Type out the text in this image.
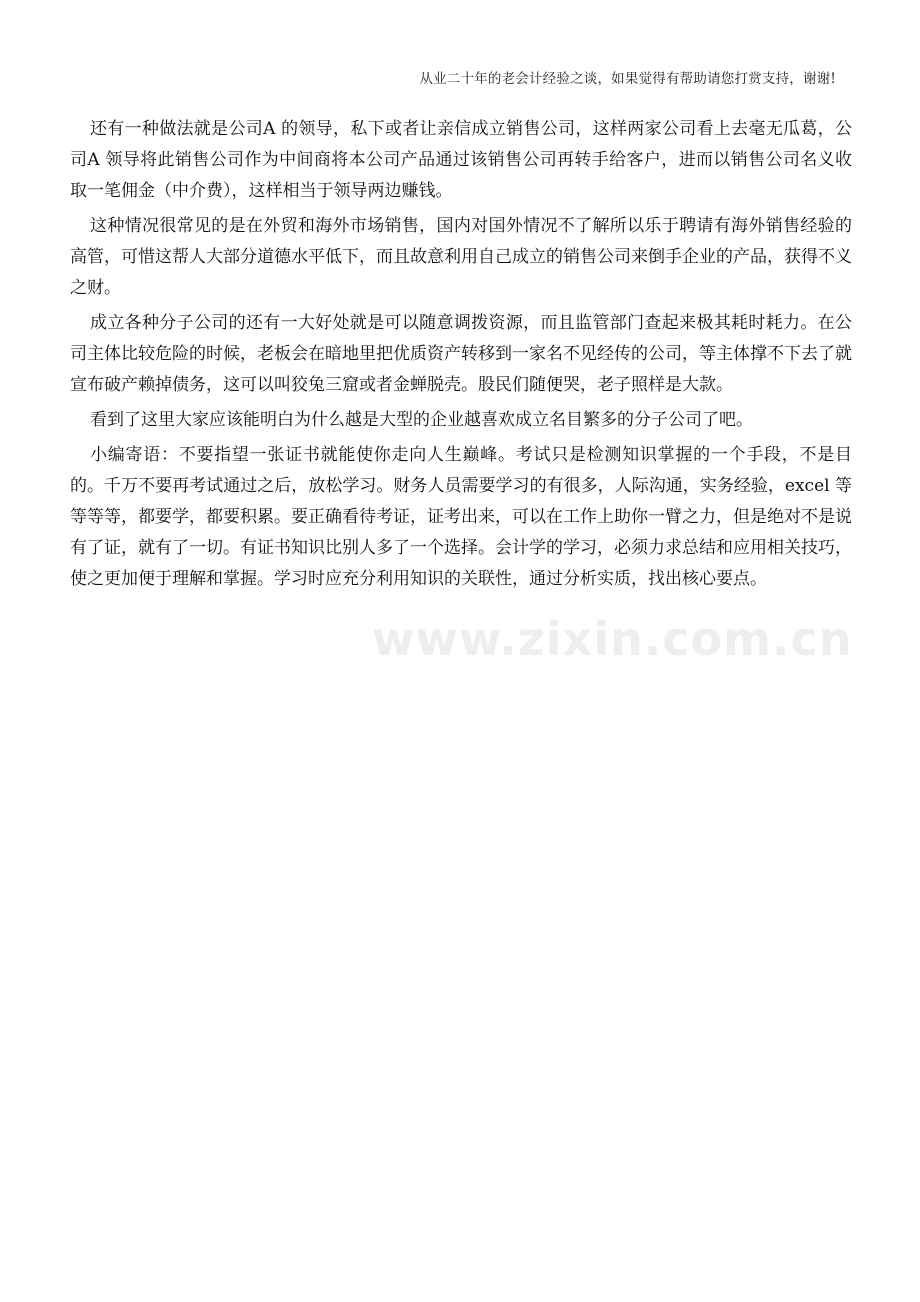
从业二十年的老会计经验之谈，如果觉得有帮助请您打赏支持，谢谢!

还有一种做法就是公司A 的领导，私下或者让亲信成立销售公司，这样两家公司看上去毫无瓜葛，公司A 领导将此销售公司作为中间商将本公司产品通过该销售公司再转手给客户，进而以销售公司名义收取一笔佣金（中介费），这样相当于领导两边赚钱。

这种情况很常见的是在外贸和海外市场销售，国内对国外情况不了解所以乐于聘请有海外销售经验的高管，可惜这帮人大部分道德水平低下，而且故意利用自己成立的销售公司来倒手企业的产品，获得不义之财。

成立各种分子公司的还有一大好处就是可以随意调拨资源，而且监管部门查起来极其耗时耗力。在公司主体比较危险的时候，老板会在暗地里把优质资产转移到一家名不见经传的公司，等主体撑不下去了就宣布破产赖掉债务，这可以叫狡兔三窟或者金蝉脱壳。股民们随便哭，老子照样是大款。

看到了这里大家应该能明白为什么越是大型的企业越喜欢成立名目繁多的分子公司了吧。

小编寄语：不要指望一张证书就能使你走向人生巅峰。考试只是检测知识掌握的一个手段，不是目的。千万不要再考试通过之后，放松学习。财务人员需要学习的有很多，人际沟通，实务经验，excel 等等等等，都要学，都要积累。要正确看待考证，证考出来，可以在工作上助你一臂之力，但是绝对不是说有了证，就有了一切。有证书知识比别人多了一个选择。会计学的学习，必须力求总结和应用相关技巧，使之更加便于理解和掌握。学习时应充分利用知识的关联性，通过分析实质，找出核心要点。

www.zixin.com.cn
